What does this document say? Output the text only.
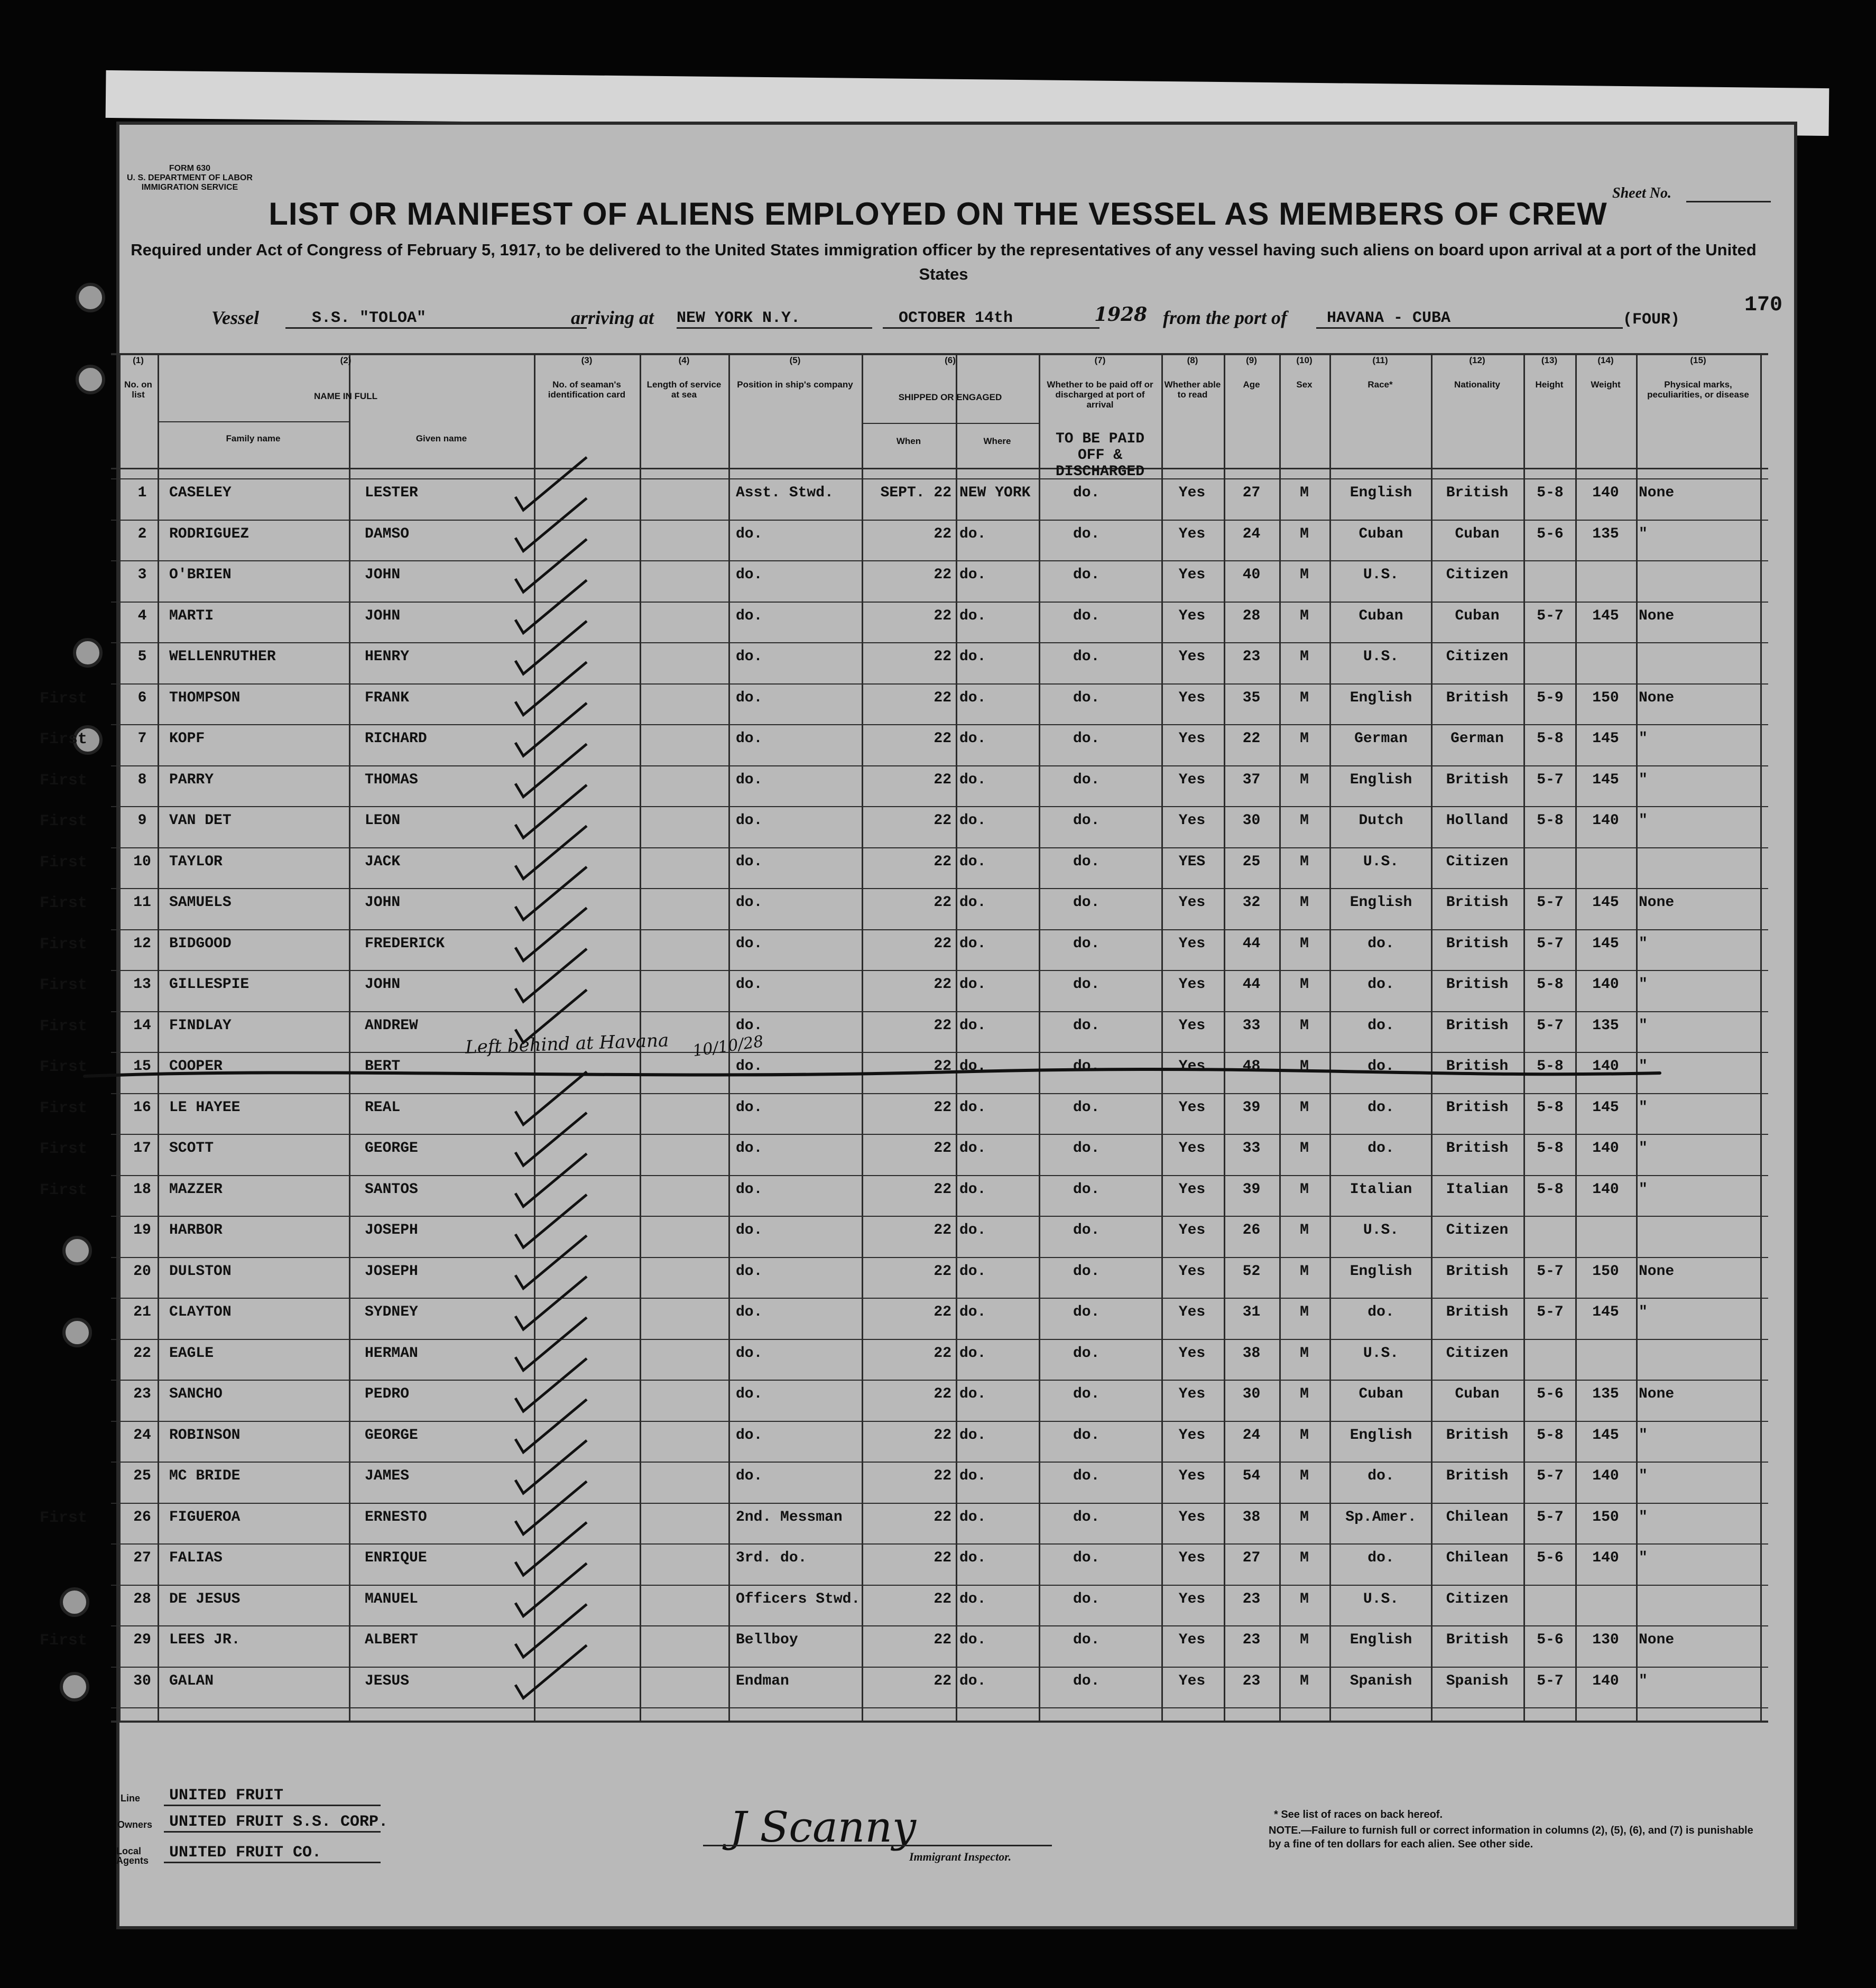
FORM 630
U. S. DEPARTMENT OF LABOR
IMMIGRATION SERVICE	Sheet No.
LIST OR MANIFEST OF ALIENS EMPLOYED ON THE VESSEL AS MEMBERS OF CREW
Required under Act of Congress of February 5, 1917, to be delivered to the United States immigration officer by the representatives of any vessel having such aliens on board upon arrival at a port of the United States
Vessel	S.S. "TOLOA"	arriving at NEW YORK N.Y.	OCTOBER 14th	1928 from the port of	HAVANA - CUBA	(FOUR)
170
(1)
No. on list
(3)
No. of seaman's identification card
(4)
Length of service at sea
(5)
Position in ship's company
(7)
Whether to be paid off or discharged at port of arrival
(8)
Whether able to read
(9)
Age
(10)
Sex
(11)
Race*
(12)
Nationality
(13)
Height
(14)
Weight
(15)
Physical marks, peculiarities, or disease
(2)
NAME IN FULL
Family name	Given name
(6)
SHIPPED OR ENGAGED
When	Where	TO BE PAID OFF & DISCHARGED
1	CASELEY	LESTER	Asst. Stwd.	SEPT. 22 NEW YORK	do.	Yes	27	M	English	British	5-8	140	None
2	RODRIGUEZ	DAMSO	do.	22 do.	do.	Yes	24	M	Cuban	Cuban	5-6	135	"
3	O'BRIEN	JOHN	do.	22 do.	do.	Yes	40	M	U.S.	Citizen
4	MARTI	JOHN	do.	22 do.	do.	Yes	28	M	Cuban	Cuban	5-7	145	None
5	WELLENRUTHER	HENRY	do.	22 do.	do.	Yes	23	M	U.S.	Citizen
First	6	THOMPSON	FRANK	do.	22 do.	do.	Yes	35	M	English	British	5-9	150	None
First	7	KOPF	RICHARD	do.	22 do.	do.	Yes	22	M	German	German	5-8	145	"
First	8	PARRY	THOMAS	do.	22 do.	do.	Yes	37	M	English	British	5-7	145	"
First	9	VAN DET	LEON	do.	22 do.	do.	Yes	30	M	Dutch	Holland	5-8	140	"
First	10	TAYLOR	JACK	do.	22 do.	do.	YES	25	M	U.S.	Citizen
First	11	SAMUELS	JOHN	do.	22 do.	do.	Yes	32	M	English	British	5-7	145	None
First	12	BIDGOOD	FREDERICK	do.	22 do.	do.	Yes	44	M	do.	British	5-7	145	"
First	13	GILLESPIE	JOHN	do.	22 do.	do.	Yes	44	M	do.	British	5-8	140	"
First	14	FINDLAY	ANDREW	do.	22 do.	do.	Yes	33	M	do.	British	5-7	135	"
First	15	COOPER	BERT	do.	22 do.	do.	Yes	48	M	do.	British	5-8	140	"
First	16	LE HAYEE	REAL	do.	22 do.	do.	Yes	39	M	do.	British	5-8	145	"
First	17	SCOTT	GEORGE	do.	22 do.	do.	Yes	33	M	do.	British	5-8	140	"
First	18	MAZZER	SANTOS	do.	22 do.	do.	Yes	39	M	Italian	Italian	5-8	140	"
19	HARBOR	JOSEPH	do.	22 do.	do.	Yes	26	M	U.S.	Citizen
20	DULSTON	JOSEPH	do.	22 do.	do.	Yes	52	M	English	British	5-7	150	None
21	CLAYTON	SYDNEY	do.	22 do.	do.	Yes	31	M	do.	British	5-7	145	"
22	EAGLE	HERMAN	do.	22 do.	do.	Yes	38	M	U.S.	Citizen
23	SANCHO	PEDRO	do.	22 do.	do.	Yes	30	M	Cuban	Cuban	5-6	135	None
24	ROBINSON	GEORGE	do.	22 do.	do.	Yes	24	M	English	British	5-8	145	"
25	MC BRIDE	JAMES	do.	22 do.	do.	Yes	54	M	do.	British	5-7	140	"
First	26	FIGUEROA	ERNESTO	2nd. Messman	22 do.	do.	Yes	38	M	Sp.Amer.	Chilean	5-7	150	"
27	FALIAS	ENRIQUE	3rd. do.	22 do.	do.	Yes	27	M	do.	Chilean	5-6	140	"
28	DE JESUS	MANUEL	Officers Stwd.	22 do.	do.	Yes	23	M	U.S.	Citizen
First	29	LEES JR.	ALBERT	Bellboy	22 do.	do.	Yes	23	M	English	British	5-6	130	None
30	GALAN	JESUS	Endman	22 do.	do.	Yes	23	M	Spanish	Spanish	5-7	140	"
Line	UNITED FRUIT
Owners	UNITED FRUIT S.S. CORP.
Local Agents	UNITED FRUIT CO.
J Scanny
Immigrant Inspector.
* See list of races on back hereof.
NOTE.—Failure to furnish full or correct information in columns (2), (5), (6), and (7) is punishable by a fine of ten dollars for each alien. See other side.
Left behind at Havana 10/10/28
